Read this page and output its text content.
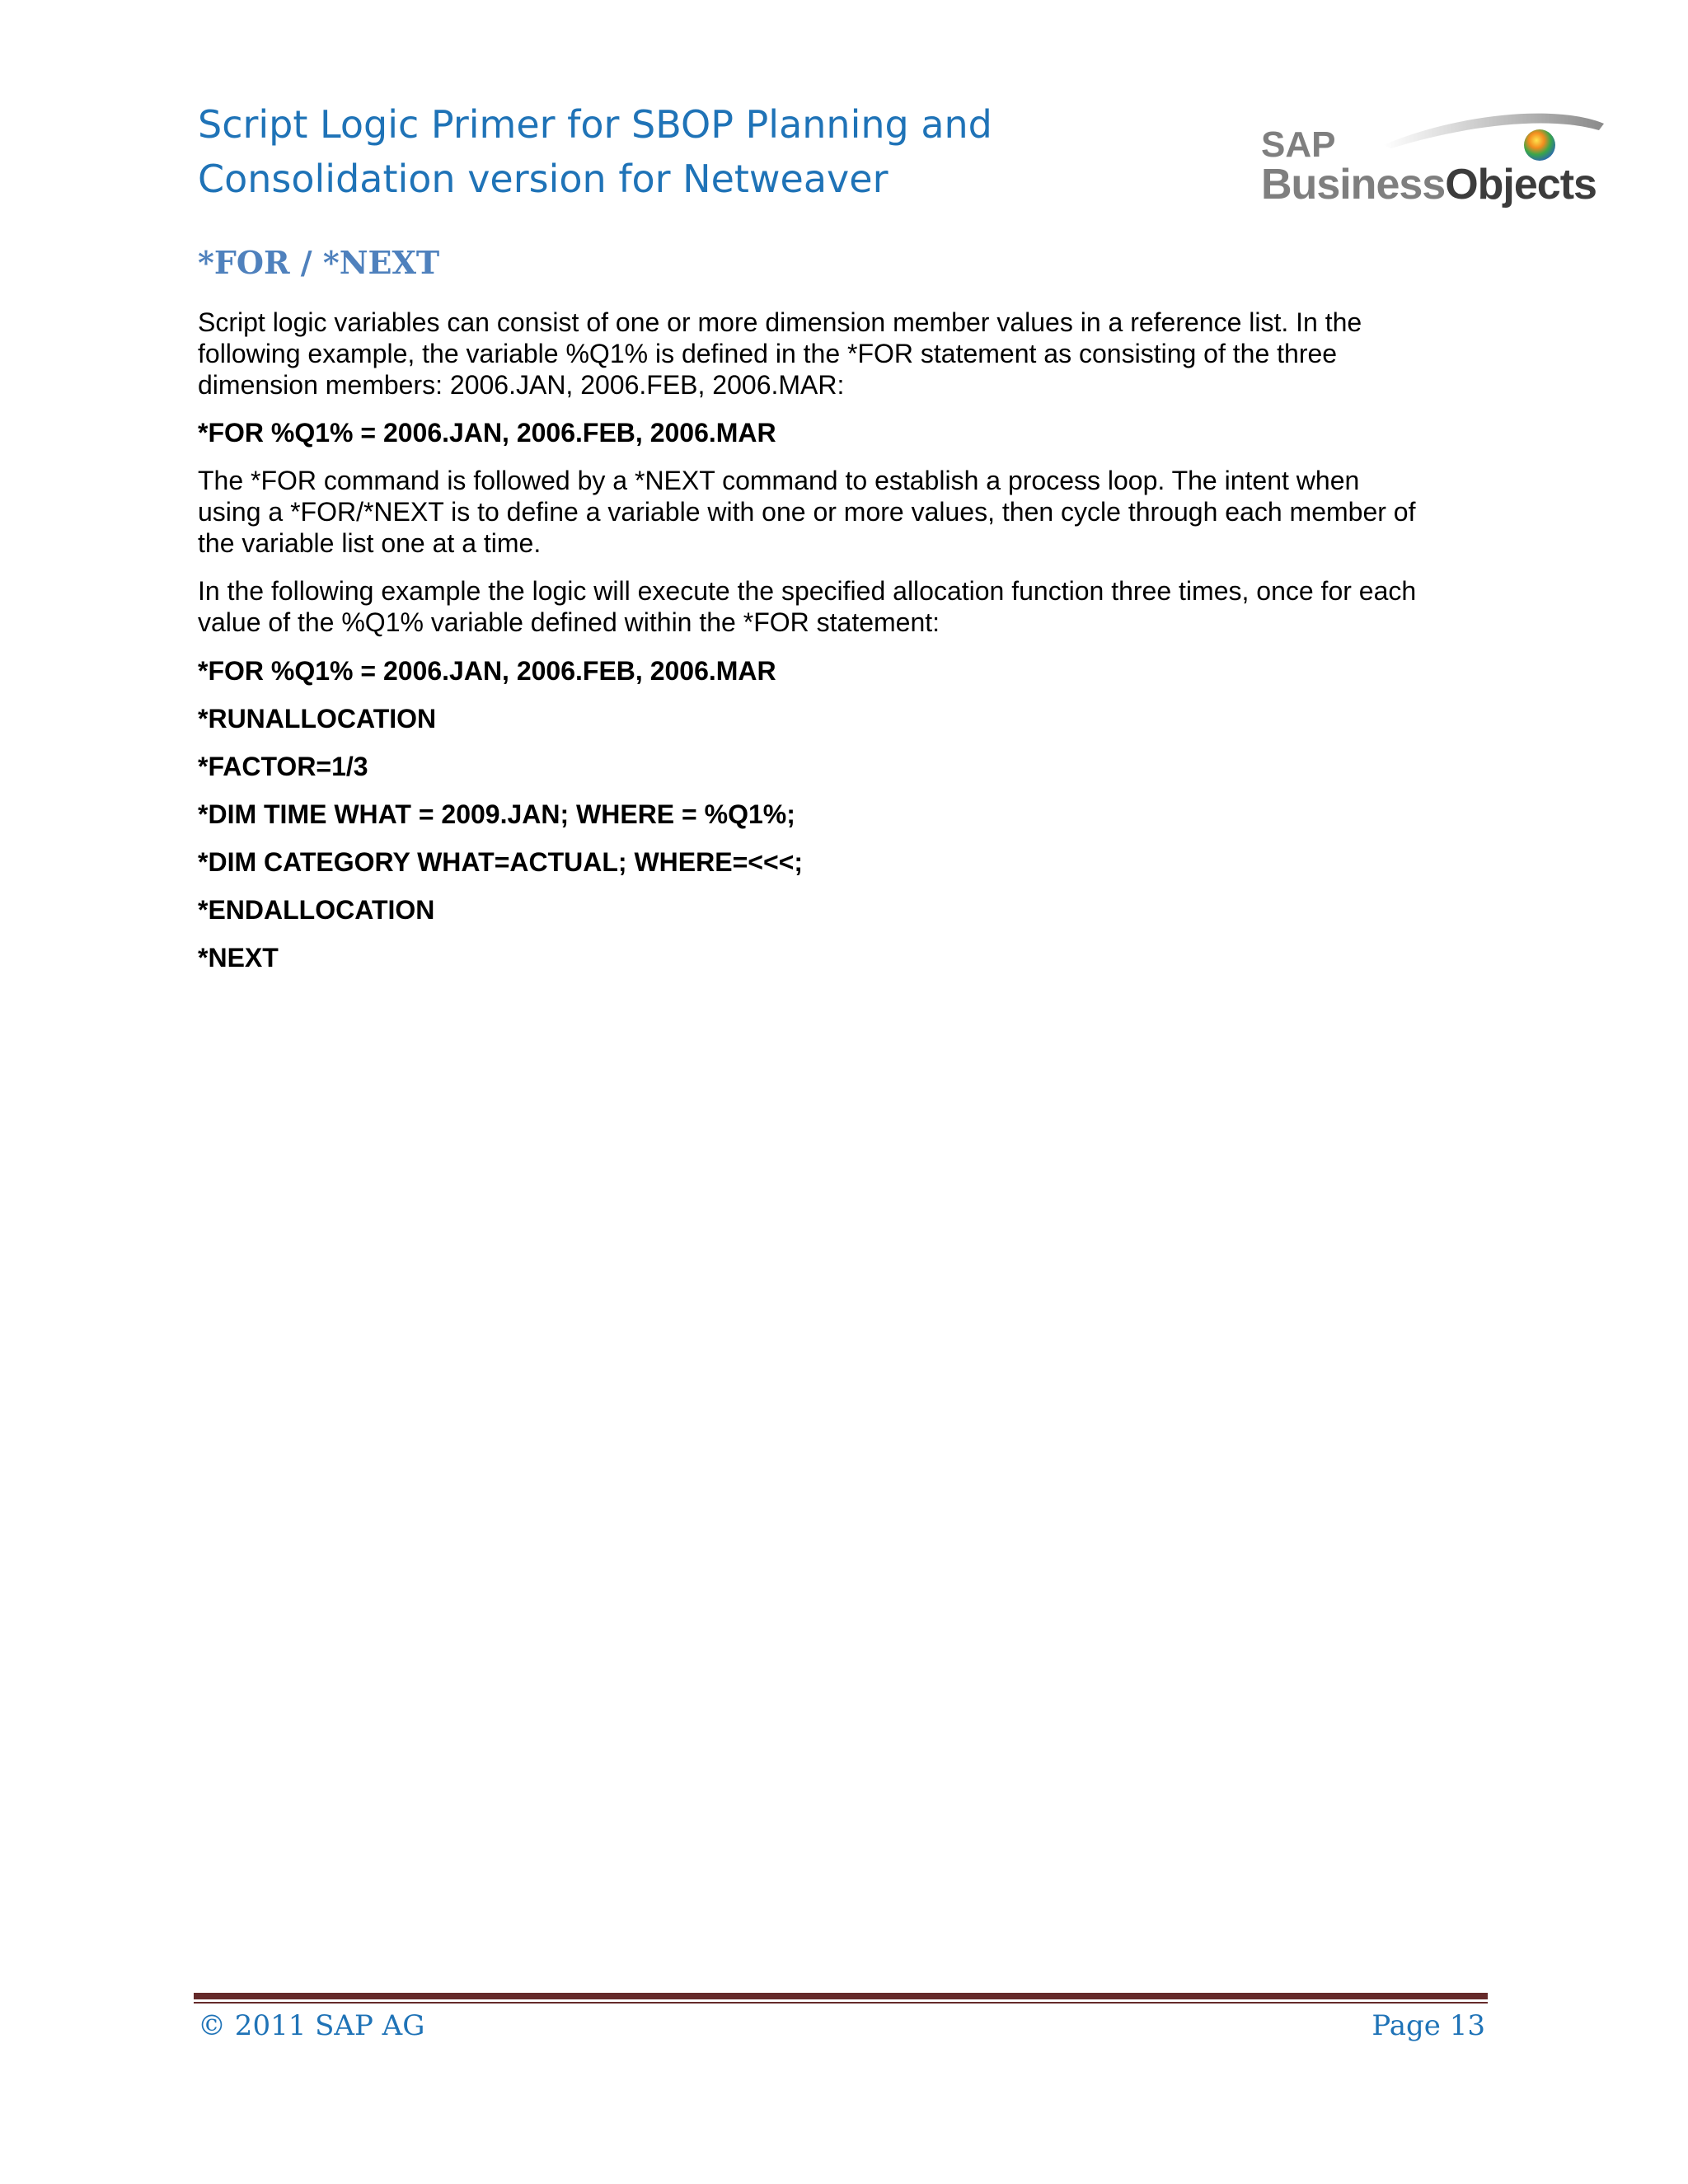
Script Logic Primer for SBOP Planning and
Consolidation version for Netweaver
SAP
BusinessObjects
*FOR / *NEXT

Script logic variables can consist of one or more dimension member values in a reference list. In the
following example, the variable %Q1% is defined in the *FOR statement as consisting of the three
dimension members: 2006.JAN, 2006.FEB, 2006.MAR:

*FOR %Q1% = 2006.JAN, 2006.FEB, 2006.MAR

The *FOR command is followed by a *NEXT command to establish a process loop. The intent when
using a *FOR/*NEXT is to define a variable with one or more values, then cycle through each member of
the variable list one at a time.

In the following example the logic will execute the specified allocation function three times, once for each
value of the %Q1% variable defined within the *FOR statement:

*FOR %Q1% = 2006.JAN, 2006.FEB, 2006.MAR

*RUNALLOCATION

*FACTOR=1/3

*DIM TIME WHAT = 2009.JAN; WHERE = %Q1%;

*DIM CATEGORY WHAT=ACTUAL; WHERE=<<<;

*ENDALLOCATION

*NEXT

© 2011 SAP AG	Page 13
